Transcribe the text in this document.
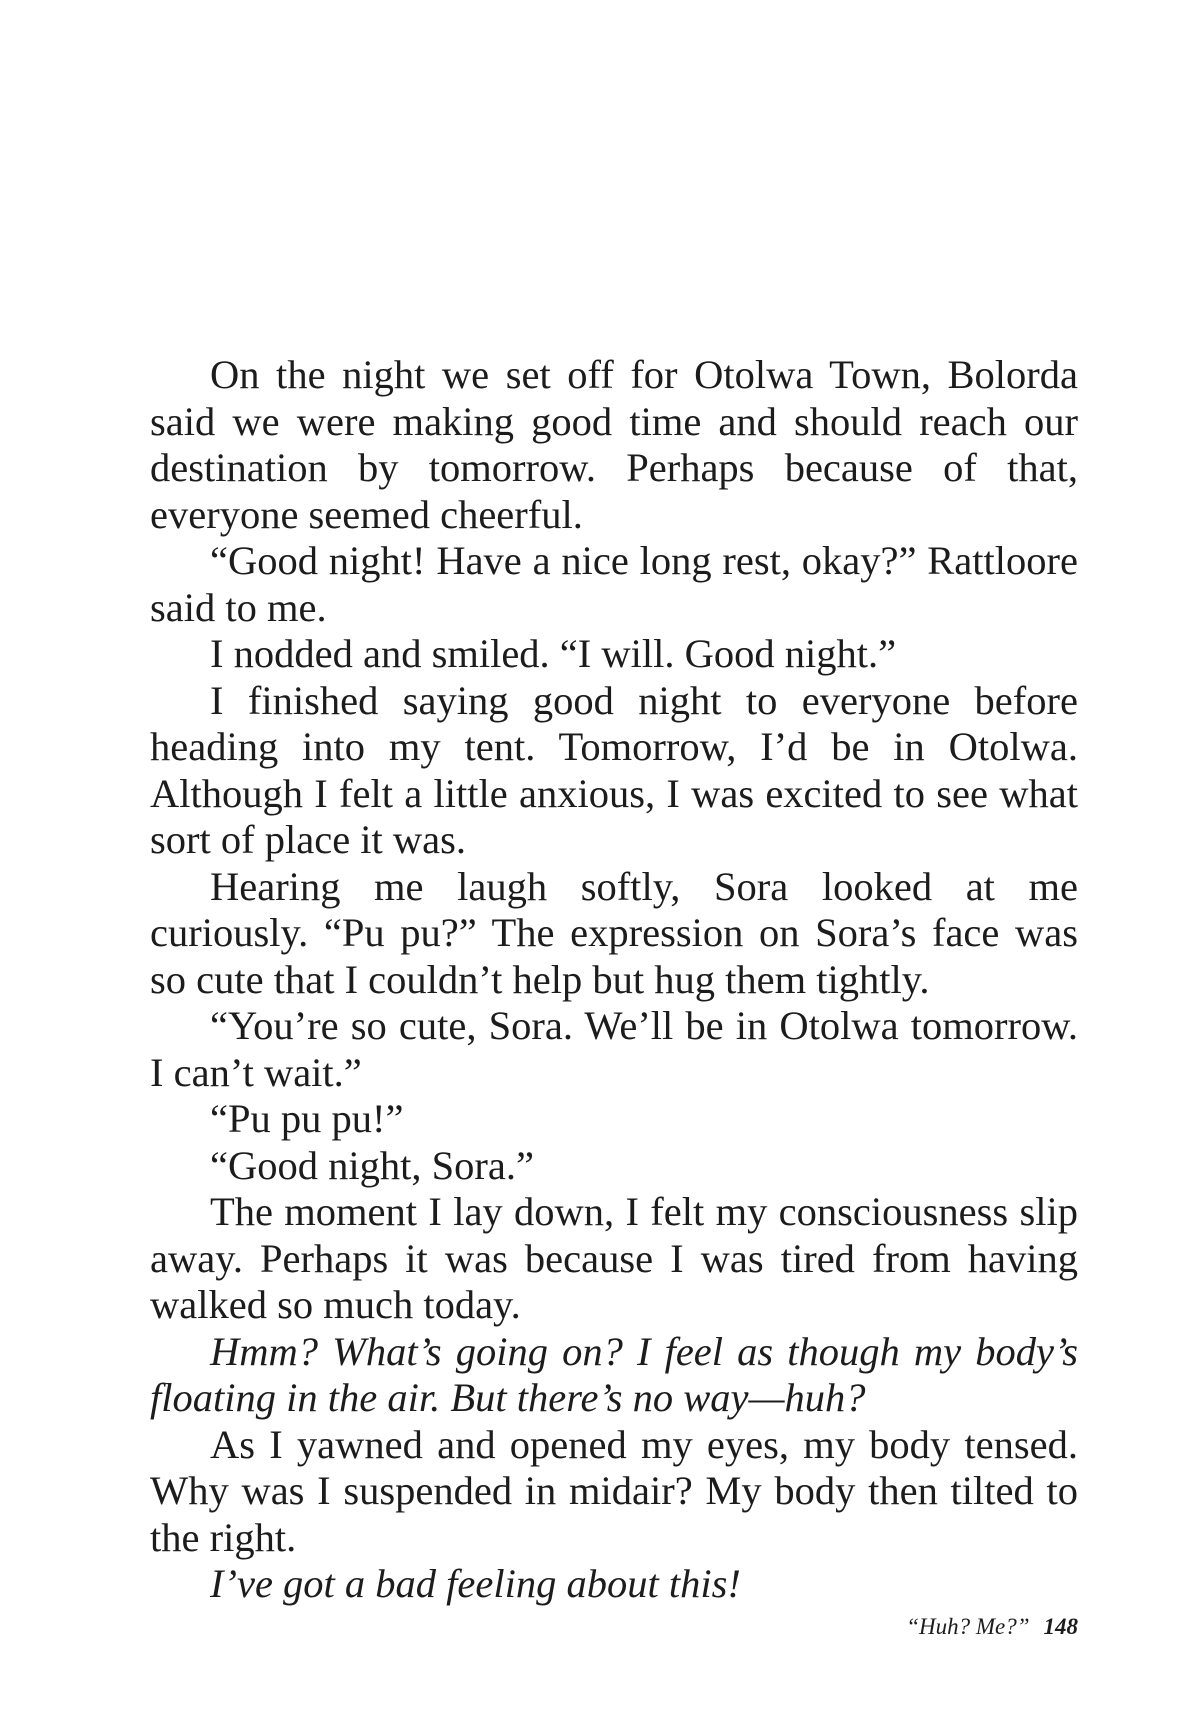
On the night we set off for Otolwa Town, Bolorda said we were making good time and should reach our destination by tomorrow. Perhaps because of that, everyone seemed cheerful.

“Good night! Have a nice long rest, okay?” Rattloore said to me.

I nodded and smiled. “I will. Good night.”

I finished saying good night to everyone before heading into my tent. Tomorrow, I’d be in Otolwa. Although I felt a little anxious, I was excited to see what sort of place it was.

Hearing me laugh softly, Sora looked at me curiously. “Pu pu?” The expression on Sora’s face was so cute that I couldn’t help but hug them tightly.

“You’re so cute, Sora. We’ll be in Otolwa tomorrow. I can’t wait.”

“Pu pu pu!”

“Good night, Sora.”

The moment I lay down, I felt my consciousness slip away. Perhaps it was because I was tired from having walked so much today.

Hmm? What’s going on? I feel as though my body’s floating in the air. But there’s no way—huh?

As I yawned and opened my eyes, my body tensed. Why was I suspended in midair? My body then tilted to the right.

I’ve got a bad feeling about this!

“Huh? Me?” 148
